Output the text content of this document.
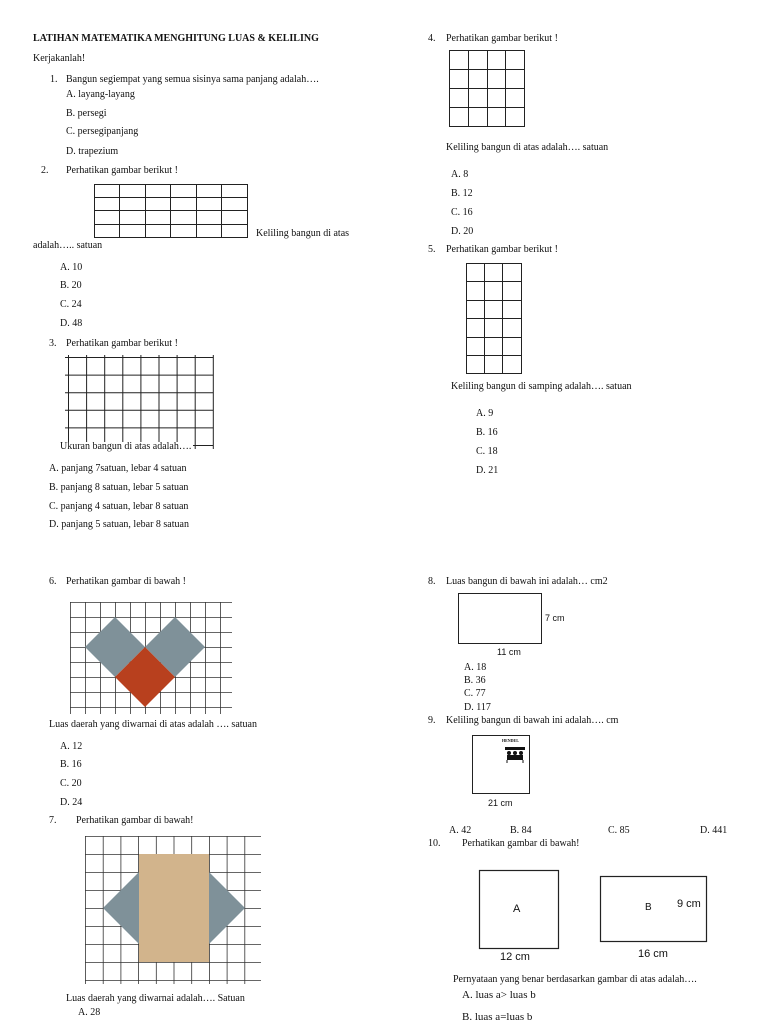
LATIHAN MATEMATIKA MENGHITUNG LUAS & KELILING
Kerjakanlah!
1. Bangun segiempat yang semua sisinya sama panjang adalah….
A. layang-layang
B. persegi
C. persegipanjang
D. trapezium
2. Perhatikan gambar berikut !
Keliling bangun di atas
adalah….. satuan
A. 10
B. 20
C. 24
D. 48
3. Perhatikan gambar berikut !
Ukuran bangun di atas adalah….
A. panjang 7satuan, lebar 4 satuan
B. panjang 8 satuan, lebar 5 satuan
C. panjang 4 satuan, lebar 8 satuan
D. panjang 5 satuan, lebar 8 satuan
4. Perhatikan gambar berikut !
Keliling bangun di atas adalah…. satuan
A. 8
B. 12
C. 16
D. 20
5. Perhatikan gambar berikut !
Keliling bangun di samping adalah…. satuan
A. 9
B. 16
C. 18
D. 21
6. Perhatikan gambar di bawah !
Luas daerah yang diwarnai di atas adalah …. satuan
A. 12
B. 16
C. 20
D. 24
7. Perhatikan gambar di bawah!
Luas daerah yang diwarnai adalah…. Satuan
A. 28
8. Luas bangun di bawah ini adalah… cm2
7 cm
11 cm
A. 18
B. 36
C. 77
D. 117
9. Keliling bangun di bawah ini adalah…. cm
HENDEL
21 cm
A. 42	B. 84	C. 85	D. 441
10. Perhatikan gambar di bawah!
A
12 cm
B 9 cm
16 cm
Pernyataan yang benar berdasarkan gambar di atas adalah….
A. luas a> luas b
B. luas a=luas b
